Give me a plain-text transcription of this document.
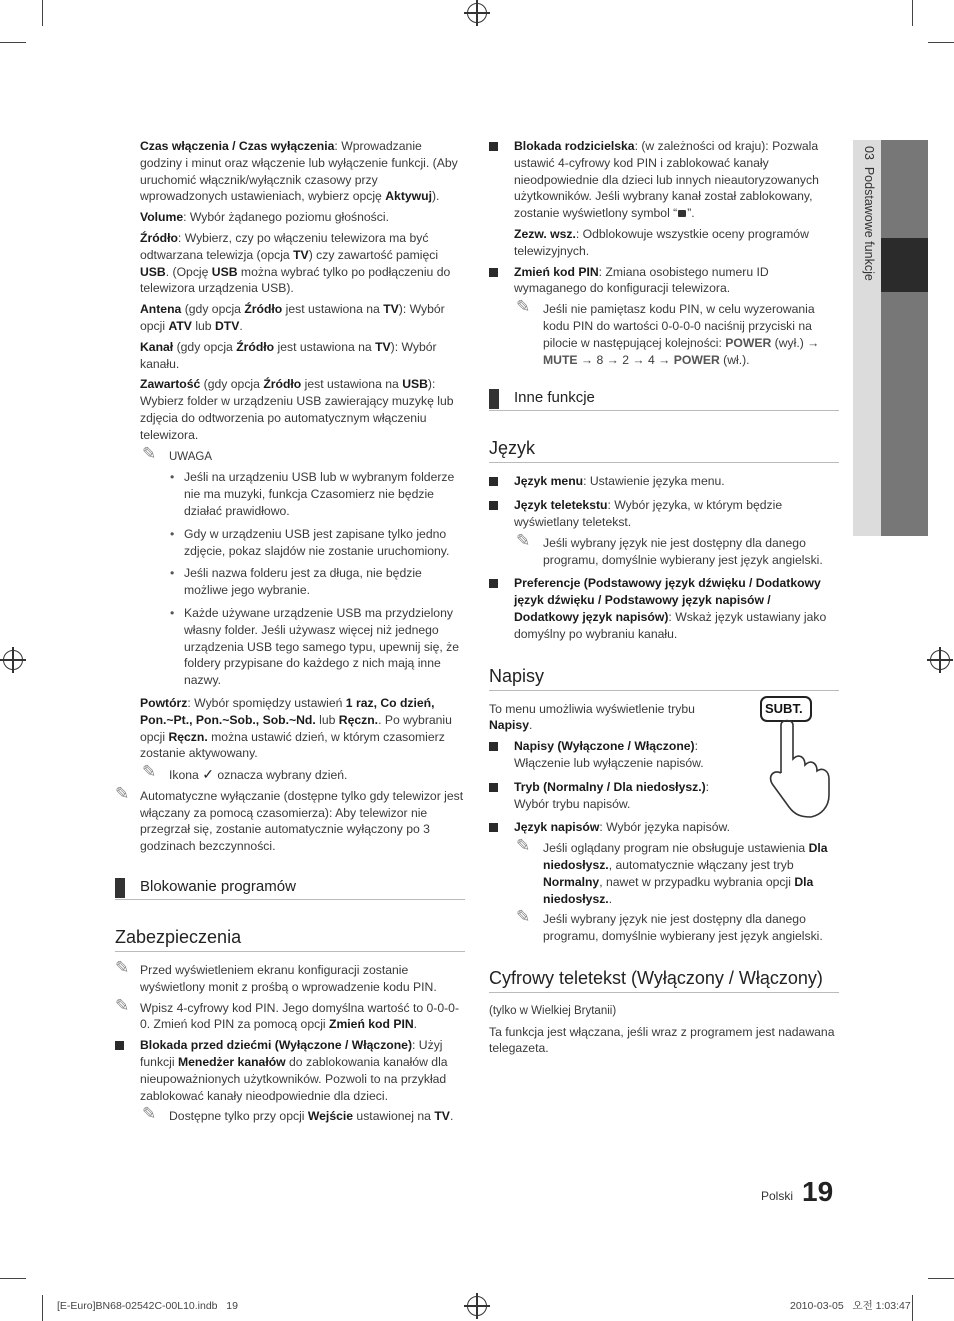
03  Podstawowe funkcje

Czas włączenia / Czas wyłączenia: Wprowadzanie godziny i minut oraz włączenie lub wyłączenie funkcji. (Aby uruchomić włącznik/wyłącznik czasowy przy wprowadzonych ustawieniach, wybierz opcję Aktywuj).

Volume: Wybór żądanego poziomu głośności.

Źródło: Wybierz, czy po włączeniu telewizora ma być odtwarzana telewizja (opcja TV) czy zawartość pamięci USB. (Opcję USB można wybrać tylko po podłączeniu do telewizora urządzenia USB).

Antena (gdy opcja Źródło jest ustawiona na TV): Wybór opcji ATV lub DTV.

Kanał (gdy opcja Źródło jest ustawiona na TV): Wybór kanału.

Zawartość (gdy opcja Źródło jest ustawiona na USB): Wybierz folder w urządzeniu USB zawierający muzykę lub zdjęcia do odtworzenia po automatycznym włączeniu telewizora.

✎ UWAGA
• Jeśli na urządzeniu USB lub w wybranym folderze nie ma muzyki, funkcja Czasomierz nie będzie działać prawidłowo.
• Gdy w urządzeniu USB jest zapisane tylko jedno zdjęcie, pokaz slajdów nie zostanie uruchomiony.
• Jeśli nazwa folderu jest za długa, nie będzie możliwe jego wybranie.
• Każde używane urządzenie USB ma przydzielony własny folder. Jeśli używasz więcej niż jednego urządzenia USB tego samego typu, upewnij się, że foldery przypisane do każdego z nich mają inne nazwy.

Powtórz: Wybór spomiędzy ustawień 1 raz, Co dzień, Pon.~Pt., Pon.~Sob., Sob.~Nd. lub Ręczn.. Po wybraniu opcji Ręczn. można ustawić dzień, w którym czasomierz zostanie aktywowany.

✎ Ikona ✓ oznacza wybrany dzień.
✎ Automatyczne wyłączanie (dostępne tylko gdy telewizor jest włączany za pomocą czasomierza): Aby telewizor nie przegrzał się, zostanie automatycznie wyłączony po 3 godzinach bezczynności.
Blokowanie programów
Zabezpieczenia
✎ Przed wyświetleniem ekranu konfiguracji zostanie wyświetlony monit z prośbą o wprowadzenie kodu PIN.
✎ Wpisz 4-cyfrowy kod PIN. Jego domyślna wartość to 0-0-0-0. Zmień kod PIN za pomocą opcji Zmień kod PIN.
Blokada przed dziećmi (Wyłączone / Włączone): Użyj funkcji Menedżer kanałów do zablokowania kanałów dla nieupoważnionych użytkowników. Pozwoli to na przykład zablokować kanały nieodpowiednie dla dzieci.
✎ Dostępne tylko przy opcji Wejście ustawionej na TV.
Blokada rodzicielska: (w zależności od kraju): Pozwala ustawić 4-cyfrowy kod PIN i zablokować kanały nieodpowiednie dla dzieci lub innych nieautoryzowanych użytkowników. Jeśli wybrany kanał został zablokowany, zostanie wyświetlony symbol “ ”.

Zezw. wsz.: Odblokowuje wszystkie oceny programów telewizyjnych.

Zmień kod PIN: Zmiana osobistego numeru ID wymaganego do konfiguracji telewizora.
✎ Jeśli nie pamiętasz kodu PIN, w celu wyzerowania kodu PIN do wartości 0-0-0-0 naciśnij przyciski na pilocie w następującej kolejności: POWER (wył.) → MUTE → 8 → 2 → 4 → POWER (wł.).
Inne funkcje
Język
Język menu: Ustawienie języka menu.
Język teletekstu: Wybór języka, w którym będzie wyświetlany teletekst.
✎ Jeśli wybrany język nie jest dostępny dla danego programu, domyślnie wybierany jest język angielski.
Preferencje (Podstawowy język dźwięku / Dodatkowy język dźwięku / Podstawowy język napisów / Dodatkowy język napisów): Wskaż język ustawiany jako domyślny po wybraniu kanału.
Napisy
SUBT.

To menu umożliwia wyświetlenie trybu Napisy.

Napisy (Wyłączone / Włączone): Włączenie lub wyłączenie napisów.
Tryb (Normalny / Dla niedosłysz.): Wybór trybu napisów.
Język napisów: Wybór języka napisów.
✎ Jeśli oglądany program nie obsługuje ustawienia Dla niedosłysz., automatycznie włączany jest tryb Normalny, nawet w przypadku wybrania opcji Dla niedosłysz..
✎ Jeśli wybrany język nie jest dostępny dla danego programu, domyślnie wybierany jest język angielski.
Cyfrowy teletekst (Wyłączony / Włączony)

(tylko w Wielkiej Brytanii)

Ta funkcja jest włączana, jeśli wraz z programem jest nadawana telegazeta.

Polski 19
[E-Euro]BN68-02542C-00L10.indb   19	2010-03-05   오전 1:03:47
